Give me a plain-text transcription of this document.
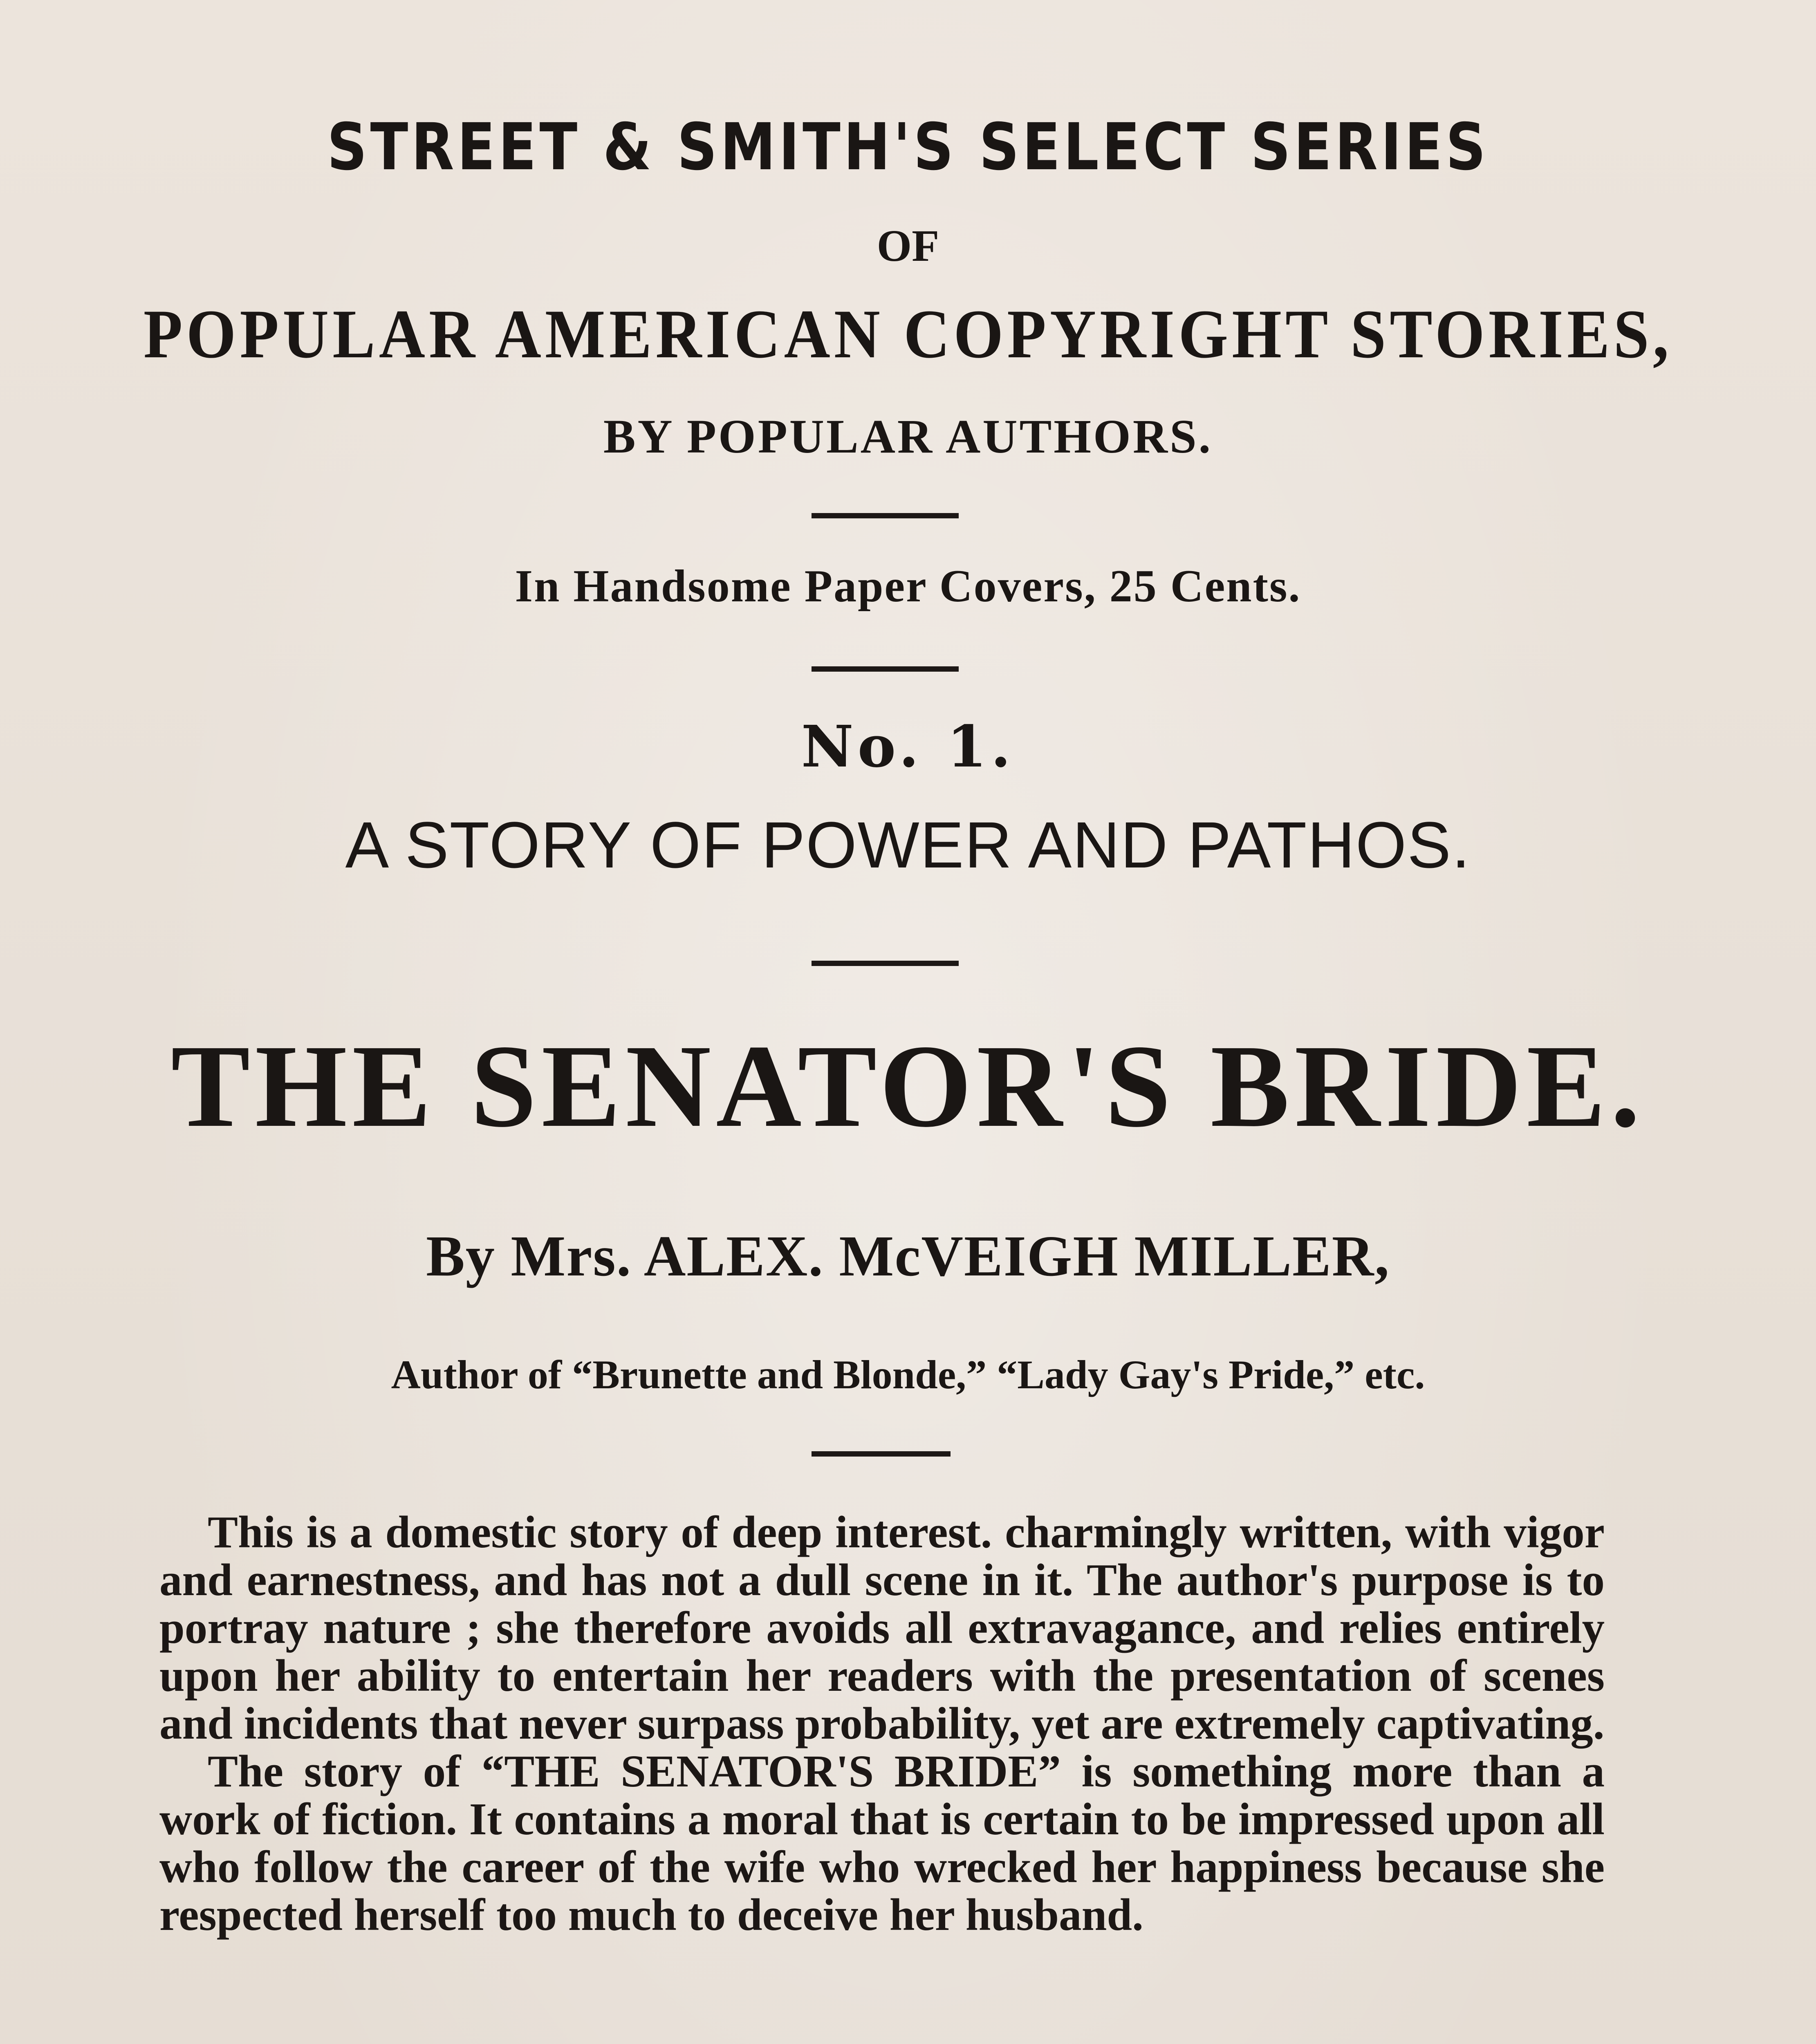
STREET & SMITH'S SELECT SERIES
OF
POPULAR AMERICAN COPYRIGHT STORIES,
BY POPULAR AUTHORS.
In Handsome Paper Covers, 25 Cents.
No. 1.
A STORY OF POWER AND PATHOS.
THE SENATOR'S BRIDE.
By Mrs. ALEX. McVEIGH MILLER,
Author of “Brunette and Blonde,” “Lady Gay's Pride,” etc.

This is a domestic story of deep interest. charmingly written, with vigor and earnestness, and has not a dull scene in it. The author's purpose is to portray nature ; she therefore avoids all extravagance, and relies entirely upon her ability to entertain her readers with the presentation of scenes and incidents that never surpass probability, yet are extremely captivating.

The story of “THE SENATOR'S BRIDE” is something more than a work of fiction. It contains a moral that is certain to be impressed upon all who follow the career of the wife who wrecked her happiness because she respected herself too much to deceive her husband.
